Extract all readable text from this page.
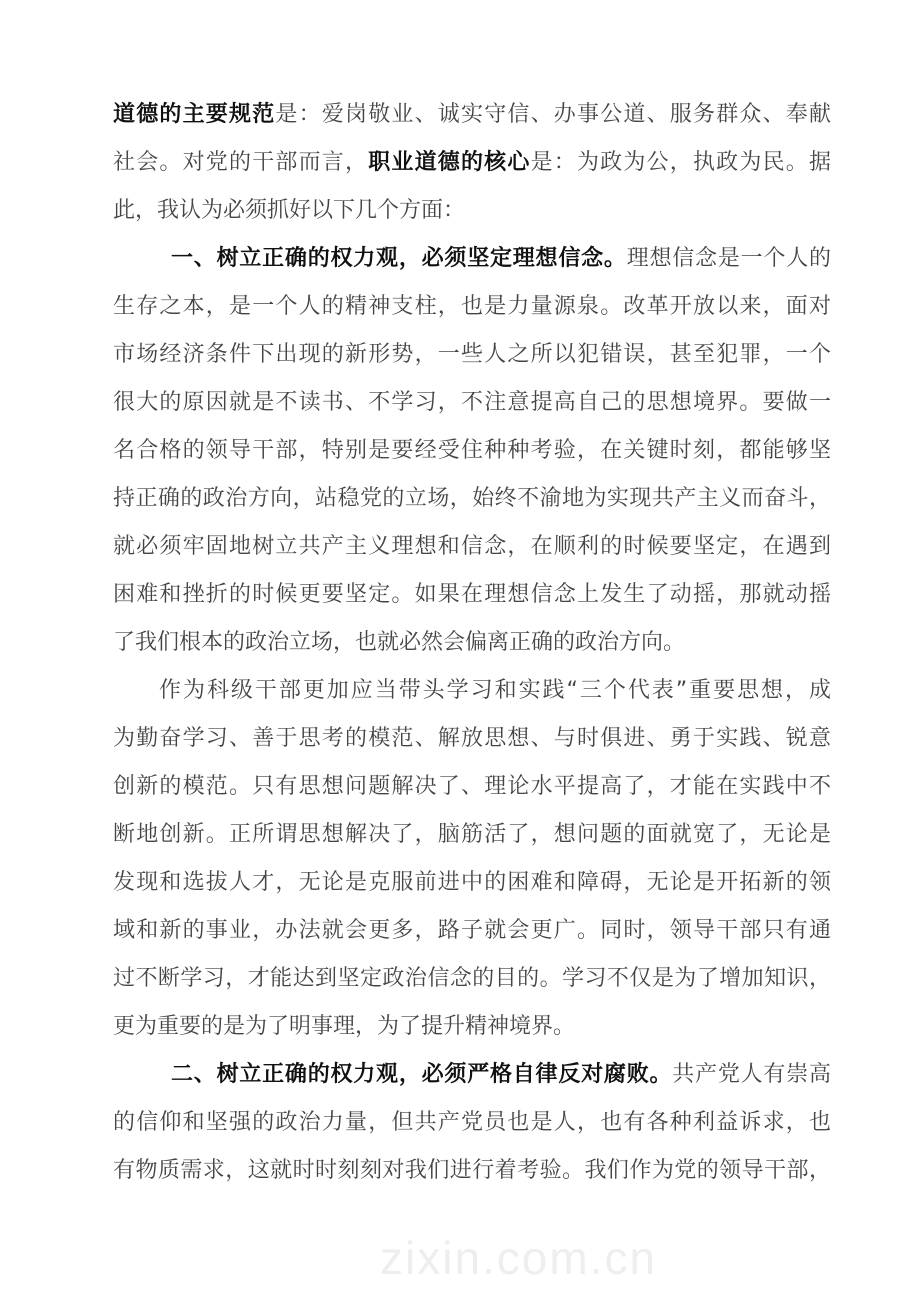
道德的主要规范是：爱岗敬业、诚实守信、办事公道、服务群众、奉献
社会。对党的干部而言，职业道德的核心是：为政为公，执政为民。据
此，我认为必须抓好以下几个方面：
一、树立正确的权力观，必须坚定理想信念。理想信念是一个人的
生存之本，是一个人的精神支柱，也是力量源泉。改革开放以来，面对
市场经济条件下出现的新形势，一些人之所以犯错误，甚至犯罪，一个
很大的原因就是不读书、不学习，不注意提高自己的思想境界。要做一
名合格的领导干部，特别是要经受住种种考验，在关键时刻，都能够坚
持正确的政治方向，站稳党的立场，始终不渝地为实现共产主义而奋斗，
就必须牢固地树立共产主义理想和信念，在顺利的时候要坚定，在遇到
困难和挫折的时候更要坚定。如果在理想信念上发生了动摇，那就动摇
了我们根本的政治立场，也就必然会偏离正确的政治方向。
作为科级干部更加应当带头学习和实践“三个代表”重要思想，成
为勤奋学习、善于思考的模范、解放思想、与时俱进、勇于实践、锐意
创新的模范。只有思想问题解决了、理论水平提高了，才能在实践中不
断地创新。正所谓思想解决了，脑筋活了，想问题的面就宽了，无论是
发现和选拔人才，无论是克服前进中的困难和障碍，无论是开拓新的领
域和新的事业，办法就会更多，路子就会更广。同时，领导干部只有通
过不断学习，才能达到坚定政治信念的目的。学习不仅是为了增加知识，
更为重要的是为了明事理，为了提升精神境界。
二、树立正确的权力观，必须严格自律反对腐败。共产党人有崇高
的信仰和坚强的政治力量，但共产党员也是人，也有各种利益诉求，也
有物质需求，这就时时刻刻对我们进行着考验。我们作为党的领导干部，
zixin.com.cn
